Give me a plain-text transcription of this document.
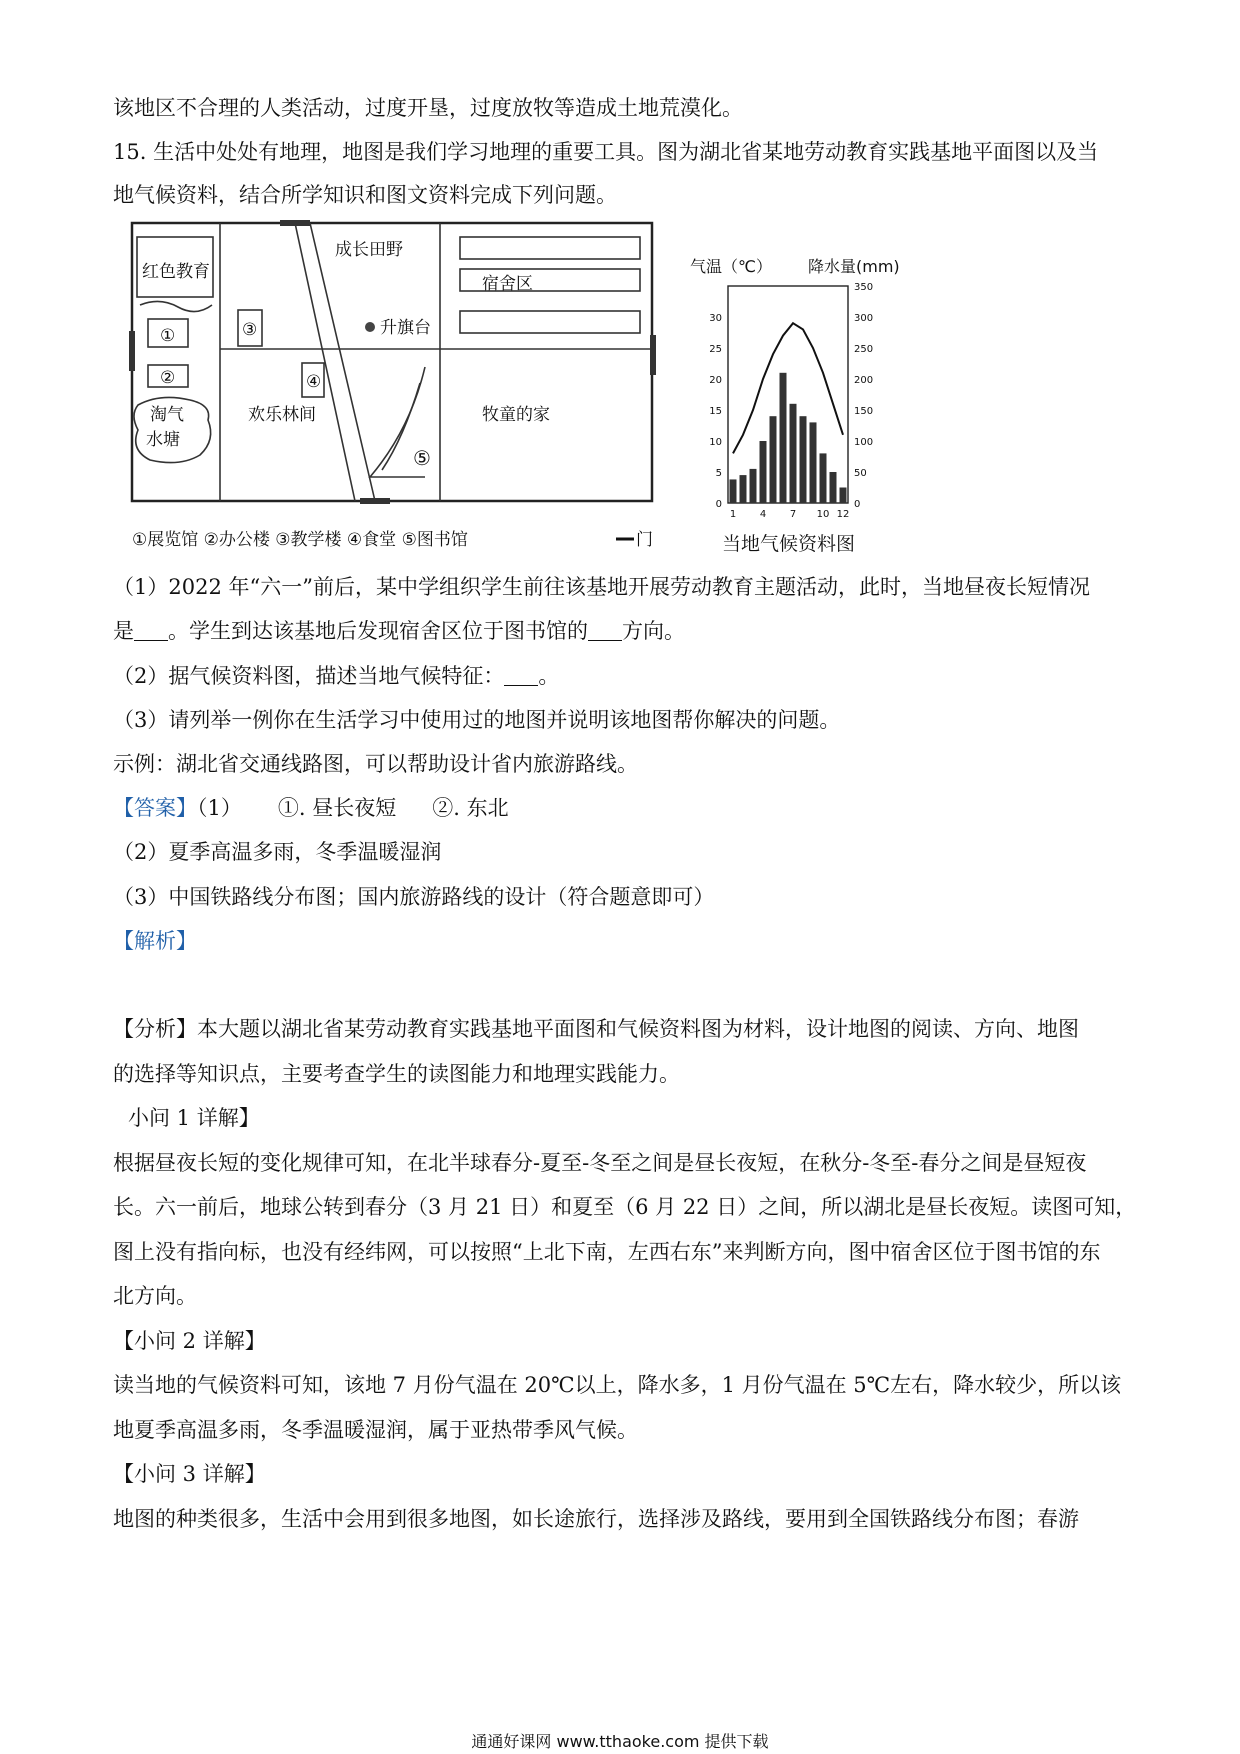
该地区不合理的人类活动，过度开垦，过度放牧等造成土地荒漠化。
15. 生活中处处有地理，地图是我们学习地理的重要工具。图为湖北省某地劳动教育实践基地平面图以及当
地气候资料，结合所学知识和图文资料完成下列问题。
红色教育
成长田野
宿舍区
升旗台
淘气
水塘
欢乐林间	牧童的家
①
②
③
④
⑤
①展览馆 ②办公楼 ③教学楼 ④食堂 ⑤图书馆	门
气温（℃） 降水量(mm)
0
5
10
15
20
25
30
0
50
100
150
200
250
300
350
1 4 7 10 12
当地气候资料图
（1）2022 年“六一”前后，某中学组织学生前往该基地开展劳动教育主题活动，此时，当地昼夜长短情况
是 。学生到达该基地后发现宿舍区位于图书馆的 方向。
（2）据气候资料图，描述当地气候特征： 。
（3）请列举一例你在生活学习中使用过的地图并说明该地图帮你解决的问题。
示例：湖北省交通线路图，可以帮助设计省内旅游路线。
【答案】（1） ①. 昼长夜短 ②. 东北
（2）夏季高温多雨，冬季温暖湿润
（3）中国铁路线分布图；国内旅游路线的设计（符合题意即可）
【解析】
【分析】本大题以湖北省某劳动教育实践基地平面图和气候资料图为材料，设计地图的阅读、方向、地图
的选择等知识点，主要考查学生的读图能力和地理实践能力。
小问 1 详解】
根据昼夜长短的变化规律可知，在北半球春分-夏至-冬至之间是昼长夜短，在秋分-冬至-春分之间是昼短夜
长。六一前后，地球公转到春分（3 月 21 日）和夏至（6 月 22 日）之间，所以湖北是昼长夜短。读图可知，
图上没有指向标，也没有经纬网，可以按照“上北下南，左西右东”来判断方向，图中宿舍区位于图书馆的东
北方向。
【小问 2 详解】
读当地的气候资料可知，该地 7 月份气温在 20℃以上，降水多，1 月份气温在 5℃左右，降水较少，所以该
地夏季高温多雨，冬季温暖湿润，属于亚热带季风气候。
【小问 3 详解】
地图的种类很多，生活中会用到很多地图，如长途旅行，选择涉及路线，要用到全国铁路线分布图；春游
通通好课网 www.tthaoke.com 提供下载
